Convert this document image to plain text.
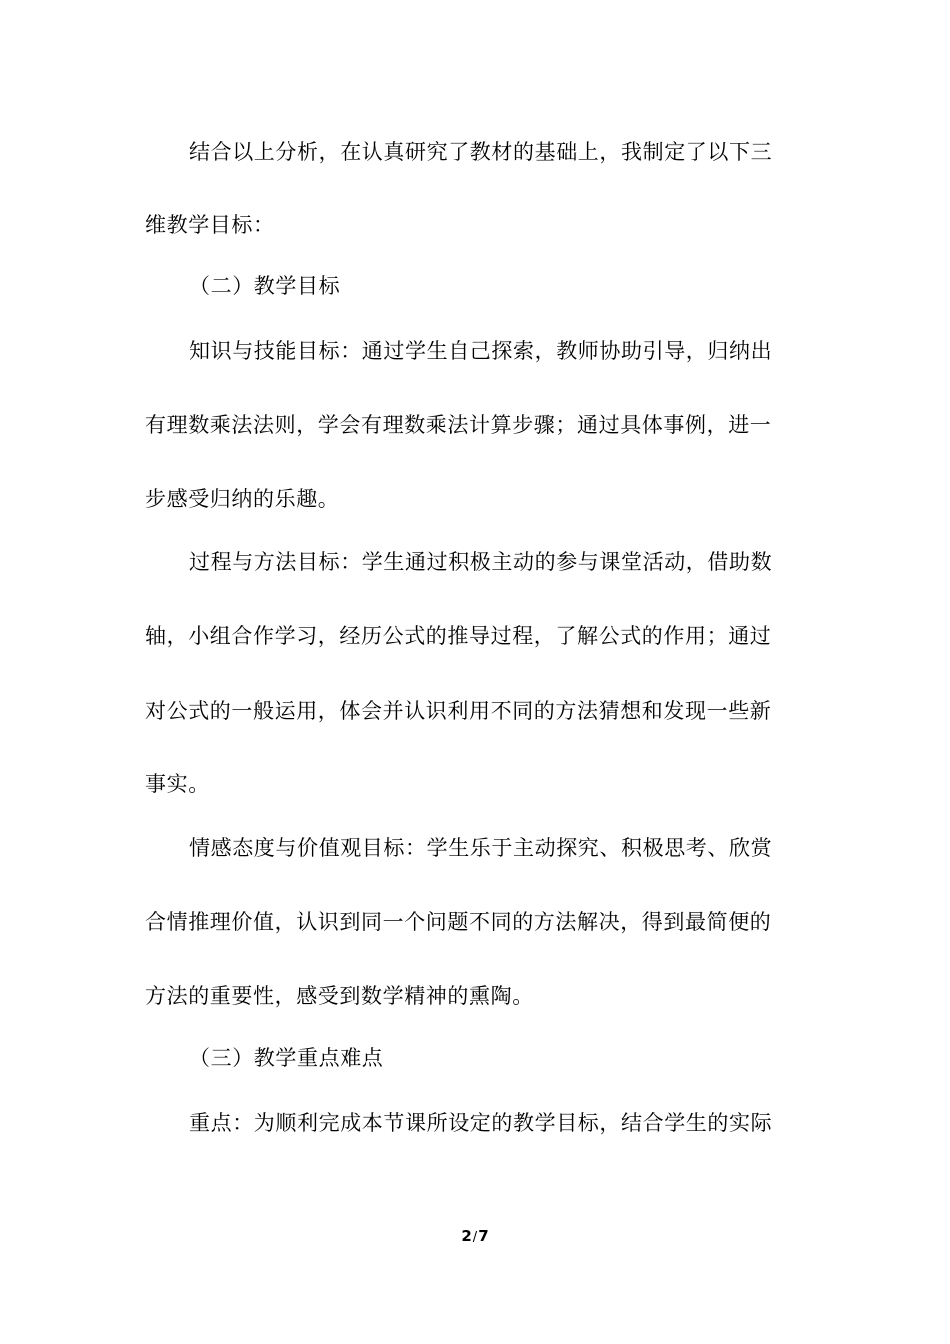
结合以上分析，在认真研究了教材的基础上，我制定了以下三
维教学目标：
（二）教学目标
知识与技能目标：通过学生自己探索，教师协助引导，归纳出
有理数乘法法则，学会有理数乘法计算步骤；通过具体事例，进一
步感受归纳的乐趣。
过程与方法目标：学生通过积极主动的参与课堂活动，借助数
轴，小组合作学习，经历公式的推导过程，了解公式的作用；通过
对公式的一般运用，体会并认识利用不同的方法猜想和发现一些新
事实。
情感态度与价值观目标：学生乐于主动探究、积极思考、欣赏
合情推理价值，认识到同一个问题不同的方法解决，得到最简便的
方法的重要性，感受到数学精神的熏陶。
（三）教学重点难点
重点：为顺利完成本节课所设定的教学目标，结合学生的实际
2/7
